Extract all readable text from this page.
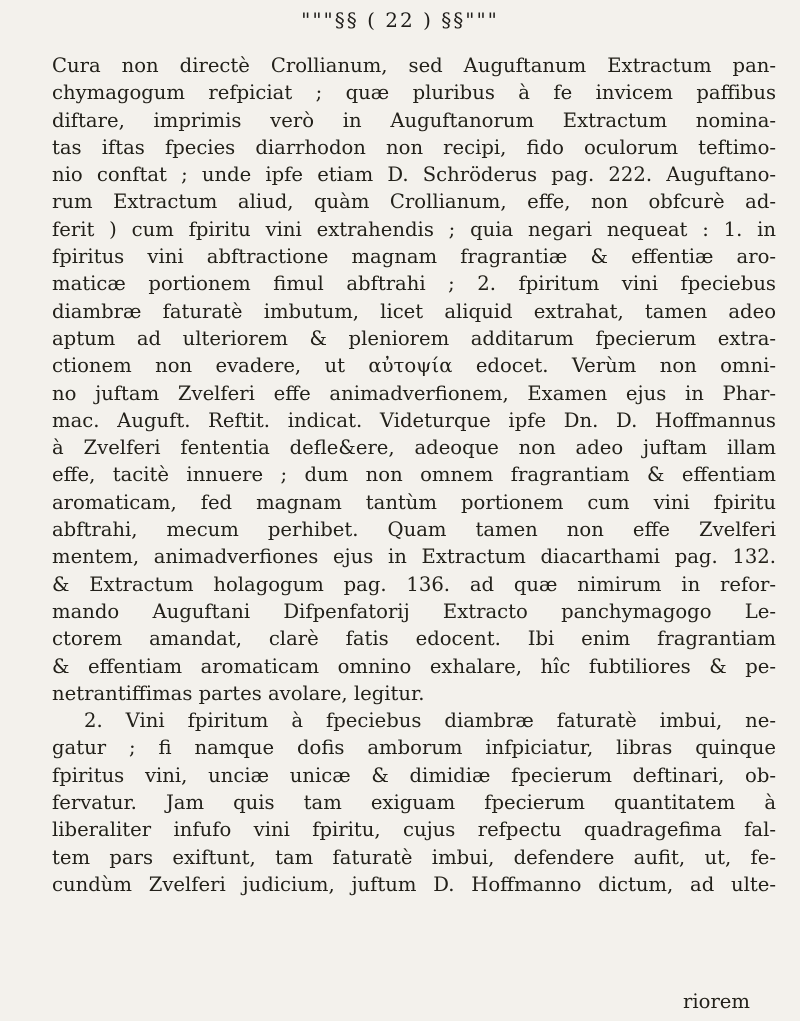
"""§§ ( 22 ) §§"""
Cura non directè Crollianum, sed Auguftanum Extractum pan-
chymagogum refpiciat ; quæ pluribus à fe invicem paffibus
diftare, imprimis verò in Auguftanorum Extractum nomina-
tas iftas fpecies diarrhodon non recipi, fido oculorum teftimo-
nio conftat ; unde ipfe etiam D. Schröderus pag. 222. Auguftano-
rum Extractum aliud, quàm Crollianum, effe, non obfcurè ad-
ferit ) cum fpiritu vini extrahendis ; quia negari nequeat : 1. in
fpiritus vini abftractione magnam fragrantiæ & effentiæ aro-
maticæ portionem fimul abftrahi ; 2. fpiritum vini fpeciebus
diambræ faturatè imbutum, licet aliquid extrahat, tamen adeo
aptum ad ulteriorem & pleniorem additarum fpecierum extra-
ctionem non evadere, ut αὐτοψία edocet. Verùm non omni-
no juftam Zvelferi effe animadverfionem, Examen ejus in Phar-
mac. Auguft. Reftit. indicat. Videturque ipfe Dn. D. Hoffmannus
à Zvelferi fententia defle&ere, adeoque non adeo juftam illam
effe, tacitè innuere ; dum non omnem fragrantiam & effentiam
aromaticam, fed magnam tantùm portionem cum vini fpiritu
abftrahi, mecum perhibet. Quam tamen non effe Zvelferi
mentem, animadverfiones ejus in Extractum diacarthami pag. 132.
& Extractum holagogum pag. 136. ad quæ nimirum in refor-
mando Auguftani Difpenfatorij Extracto panchymagogo Le-
ctorem amandat, clarè fatis edocent. Ibi enim fragrantiam
& effentiam aromaticam omnino exhalare, hîc fubtiliores & pe-
netrantiffimas partes avolare, legitur.
2. Vini fpiritum à fpeciebus diambræ faturatè imbui, ne-
gatur ; fi namque dofis amborum infpiciatur, libras quinque
fpiritus vini, unciæ unicæ & dimidiæ fpecierum deftinari, ob-
fervatur. Jam quis tam exiguam fpecierum quantitatem à
liberaliter infufo vini fpiritu, cujus refpectu quadragefima fal-
tem pars exiftunt, tam faturatè imbui, defendere aufit, ut, fe-
cundùm Zvelferi judicium, juftum D. Hoffmanno dictum, ad ulte-
riorem
